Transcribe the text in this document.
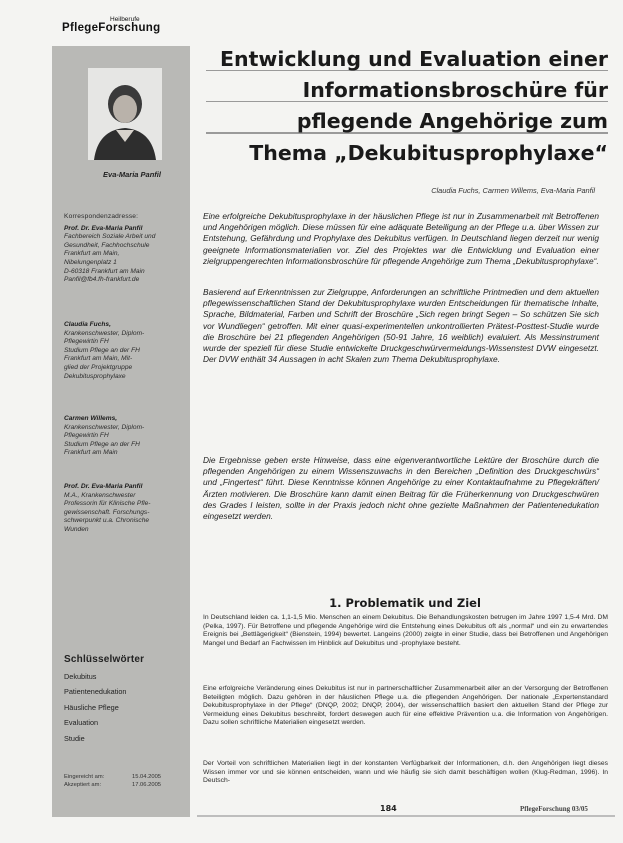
Heilberufe
PflegeForschung
Eva-Maria Panfil
Korrespondenzadresse:
Prof. Dr. Eva-Maria Panfil
Fachbereich Soziale Arbeit und
Gesundheit, Fachhochschule
Frankfurt am Main,
Nibelungenplatz 1
D-60318 Frankfurt am Main
Panfil@fb4.fh-frankfurt.de
Claudia Fuchs,
Krankenschwester, Diplom-
Pflegewirtin FH
Studium Pflege an der FH
Frankfurt am Main, Mit-
glied der Projektgruppe
Dekubitusprophylaxe
Carmen Willems,
Krankenschwester, Diplom-
Pflegewirtin FH
Studium Pflege an der FH
Frankfurt am Main
Prof. Dr. Eva-Maria Panfil
M.A., Krankenschwester
Professorin für Klinische Pfle-
gewissenschaft. Forschungs-
schwerpunkt u.a. Chronische
Wunden
Schlüsselwörter
Dekubitus
Patientenedukation
Häusliche Pflege
Evaluation
Studie
Eingereicht am:	15.04.2005
Akzeptiert am:	17.06.2005
Entwicklung und Evaluation einer
Informationsbroschüre für
pflegende Angehörige zum
Thema „Dekubitusprophylaxe“
Claudia Fuchs, Carmen Willems, Eva-Maria Panfil

Eine erfolgreiche Dekubitusprophylaxe in der häuslichen Pflege ist nur in Zusammenarbeit mit Betroffenen und Angehörigen möglich. Diese müssen für eine adäquate Beteiligung an der Pflege u.a. über Wissen zur Entstehung, Gefährdung und Prophylaxe des Dekubitus verfügen. In Deutschland liegen derzeit nur wenig geeignete Informationsmaterialien vor. Ziel des Projektes war die Entwicklung und Evaluation einer zielgruppengerechten Informationsbroschüre für pflegende Angehörige zum Thema „Dekubitusprophylaxe“.

Basierend auf Erkenntnissen zur Zielgruppe, Anforderungen an schriftliche Printmedien und dem aktuellen pflegewissenschaftlichen Stand der Dekubitusprophylaxe wurden Entscheidungen für thematische Inhalte, Sprache, Bildmaterial, Farben und Schrift der Broschüre „Sich regen bringt Segen – So schützen Sie sich vor Wundliegen“ getroffen. Mit einer quasi-experimentellen unkontrollierten Prätest-Posttest-Studie wurde die Broschüre bei 21 pflegenden Angehörigen (50-91 Jahre, 16 weiblich) evaluiert. Als Messinstrument wurde der speziell für diese Studie entwickelte Druckgeschwürvermeidungs-Wissenstest DVW eingesetzt. Der DVW enthält 34 Aussagen in acht Skalen zum Thema Dekubitusprophylaxe.

Die Ergebnisse geben erste Hinweise, dass eine eigenverantwortliche Lektüre der Broschüre durch die pflegenden Angehörigen zu einem Wissenszuwachs in den Bereichen „Definition des Druckgeschwürs“ und „Fingertest“ führt. Diese Kenntnisse können Angehörige zu einer Kontaktaufnahme zu Pflegekräften/Ärzten motivieren. Die Broschüre kann damit einen Beitrag für die Früherkennung von Druckgeschwüren des Grades I leisten, sollte in der Praxis jedoch nicht ohne gezielte Maßnahmen der Patientenedukation eingesetzt werden.

1. Problematik und Ziel

In Deutschland leiden ca. 1,1-1,5 Mio. Menschen an einem Dekubitus. Die Behandlungskosten betrugen im Jahre 1997 1,5-4 Mrd. DM (Pelka, 1997). Für Betroffene und pflegende Angehörige wird die Entstehung eines Dekubitus oft als „normal“ und ein zu erwartendes Ereignis bei „Bettlägerigkeit“ (Bienstein, 1994) bewertet. Langeins (2000) zeigte in einer Studie, dass bei Betroffenen und Angehörigen Mangel und Bedarf an Fachwissen im Hinblick auf Dekubitus und -prophylaxe besteht.

Eine erfolgreiche Veränderung eines Dekubitus ist nur in partnerschaftlicher Zusammenarbeit aller an der Versorgung der Betroffenen Beteiligten möglich. Dazu gehören in der häuslichen Pflege u.a. die pflegenden Angehörigen. Der nationale „Expertenstandard Dekubitusprophylaxe in der Pflege“ (DNQP, 2002; DNQP, 2004), der wissenschaftlich basiert den aktuellen Stand der Pflege zur Vermeidung eines Dekubitus beschreibt, fordert deswegen auch für eine effektive Prävention u.a. die Information von Angehörigen. Dazu sollen schriftliche Materialien eingesetzt werden.

Der Vorteil von schriftlichen Materialien liegt in der konstanten Verfügbarkeit der Informationen, d.h. den Angehörigen liegt dieses Wissen immer vor und sie können entscheiden, wann und wie häufig sie sich damit beschäftigen wollen (Klug-Redman, 1996). In Deutsch-

184	PflegeForschung 03/05
